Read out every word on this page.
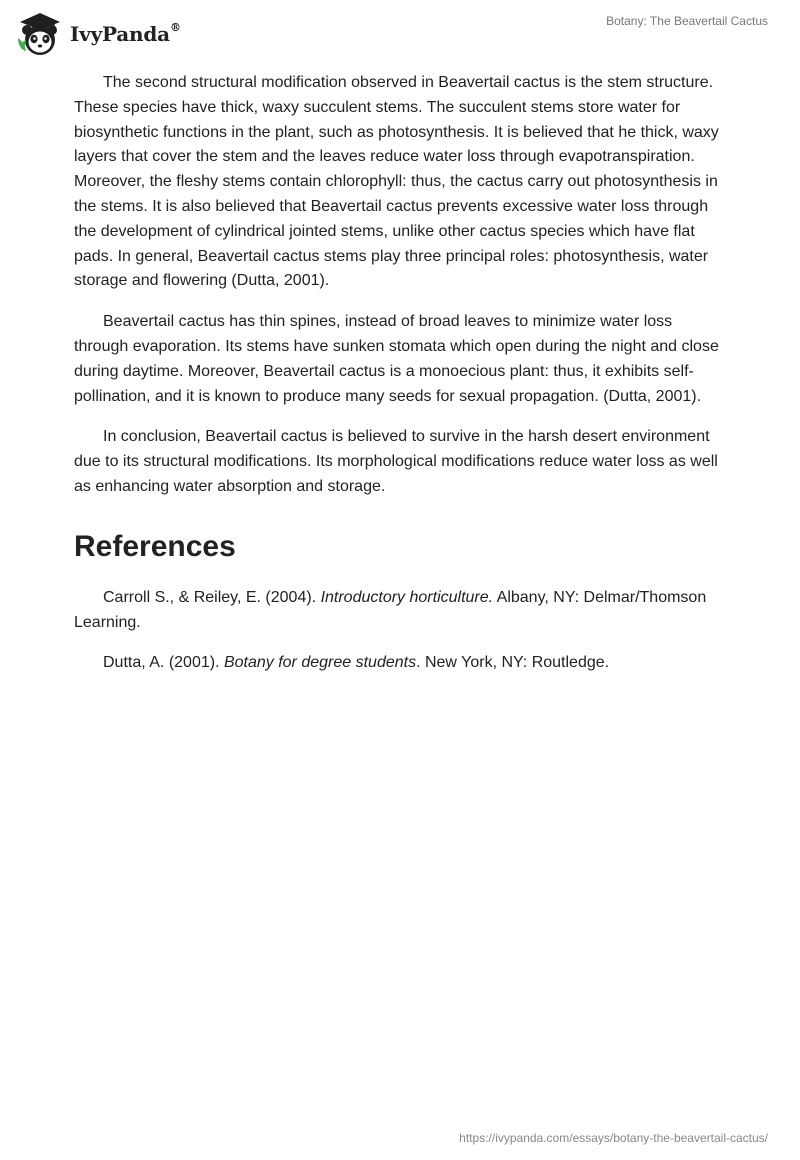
IvyPanda®	Botany: The Beavertail Cactus

The second structural modification observed in Beavertail cactus is the stem structure. These species have thick, waxy succulent stems. The succulent stems store water for biosynthetic functions in the plant, such as photosynthesis. It is believed that he thick, waxy layers that cover the stem and the leaves reduce water loss through evapotranspiration. Moreover, the fleshy stems contain chlorophyll: thus, the cactus carry out photosynthesis in the stems. It is also believed that Beavertail cactus prevents excessive water loss through the development of cylindrical jointed stems, unlike other cactus species which have flat pads. In general, Beavertail cactus stems play three principal roles: photosynthesis, water storage and flowering (Dutta, 2001).

Beavertail cactus has thin spines, instead of broad leaves to minimize water loss through evaporation. Its stems have sunken stomata which open during the night and close during daytime. Moreover, Beavertail cactus is a monoecious plant: thus, it exhibits self-pollination, and it is known to produce many seeds for sexual propagation. (Dutta, 2001).

In conclusion, Beavertail cactus is believed to survive in the harsh desert environment due to its structural modifications. Its morphological modifications reduce water loss as well as enhancing water absorption and storage.

References

Carroll S., & Reiley, E. (2004). Introductory horticulture. Albany, NY: Delmar/Thomson Learning.

Dutta, A. (2001). Botany for degree students. New York, NY: Routledge.

https://ivypanda.com/essays/botany-the-beavertail-cactus/
